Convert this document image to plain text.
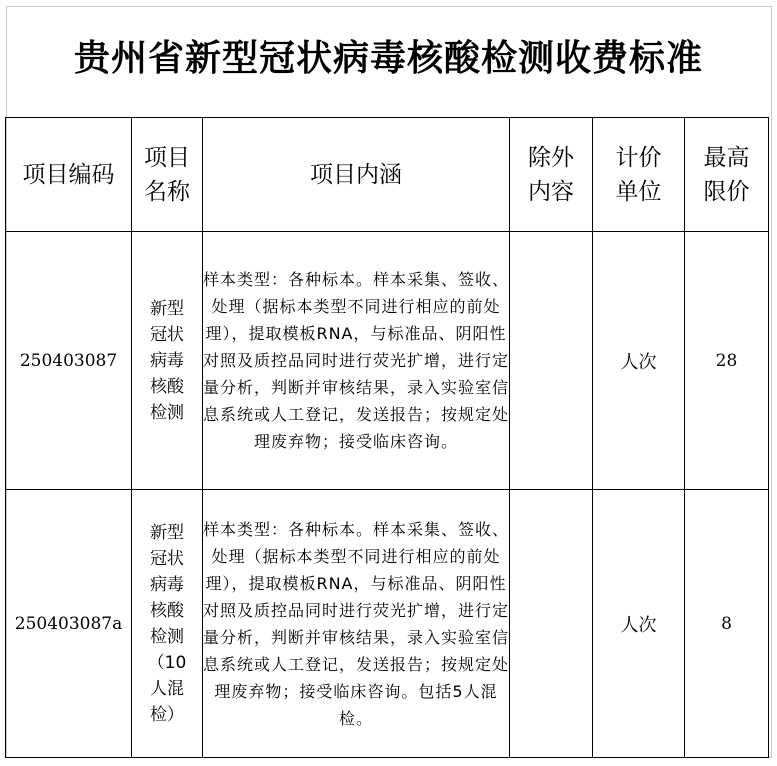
贵州省新型冠状病毒核酸检测收费标准
项目编码	项目名称	项目内涵	除外内容	计价单位	最高限价
250403087	新型冠状病毒核酸检测	样本类型：各种标本。样本采集、签收、处理（据标本类型不同进行相应的前处理），提取模板RNA，与标准品、阴阳性对照及质控品同时进行荧光扩增，进行定量分析，判断并审核结果，录入实验室信息系统或人工登记，发送报告；按规定处理废弃物；接受临床咨询。		人次	28
250403087a	新型冠状病毒核酸检测（10人混检）	样本类型：各种标本。样本采集、签收、处理（据标本类型不同进行相应的前处理），提取模板RNA，与标准品、阴阳性对照及质控品同时进行荧光扩增，进行定量分析，判断并审核结果，录入实验室信息系统或人工登记，发送报告；按规定处理废弃物；接受临床咨询。包括5人混检。		人次	8
